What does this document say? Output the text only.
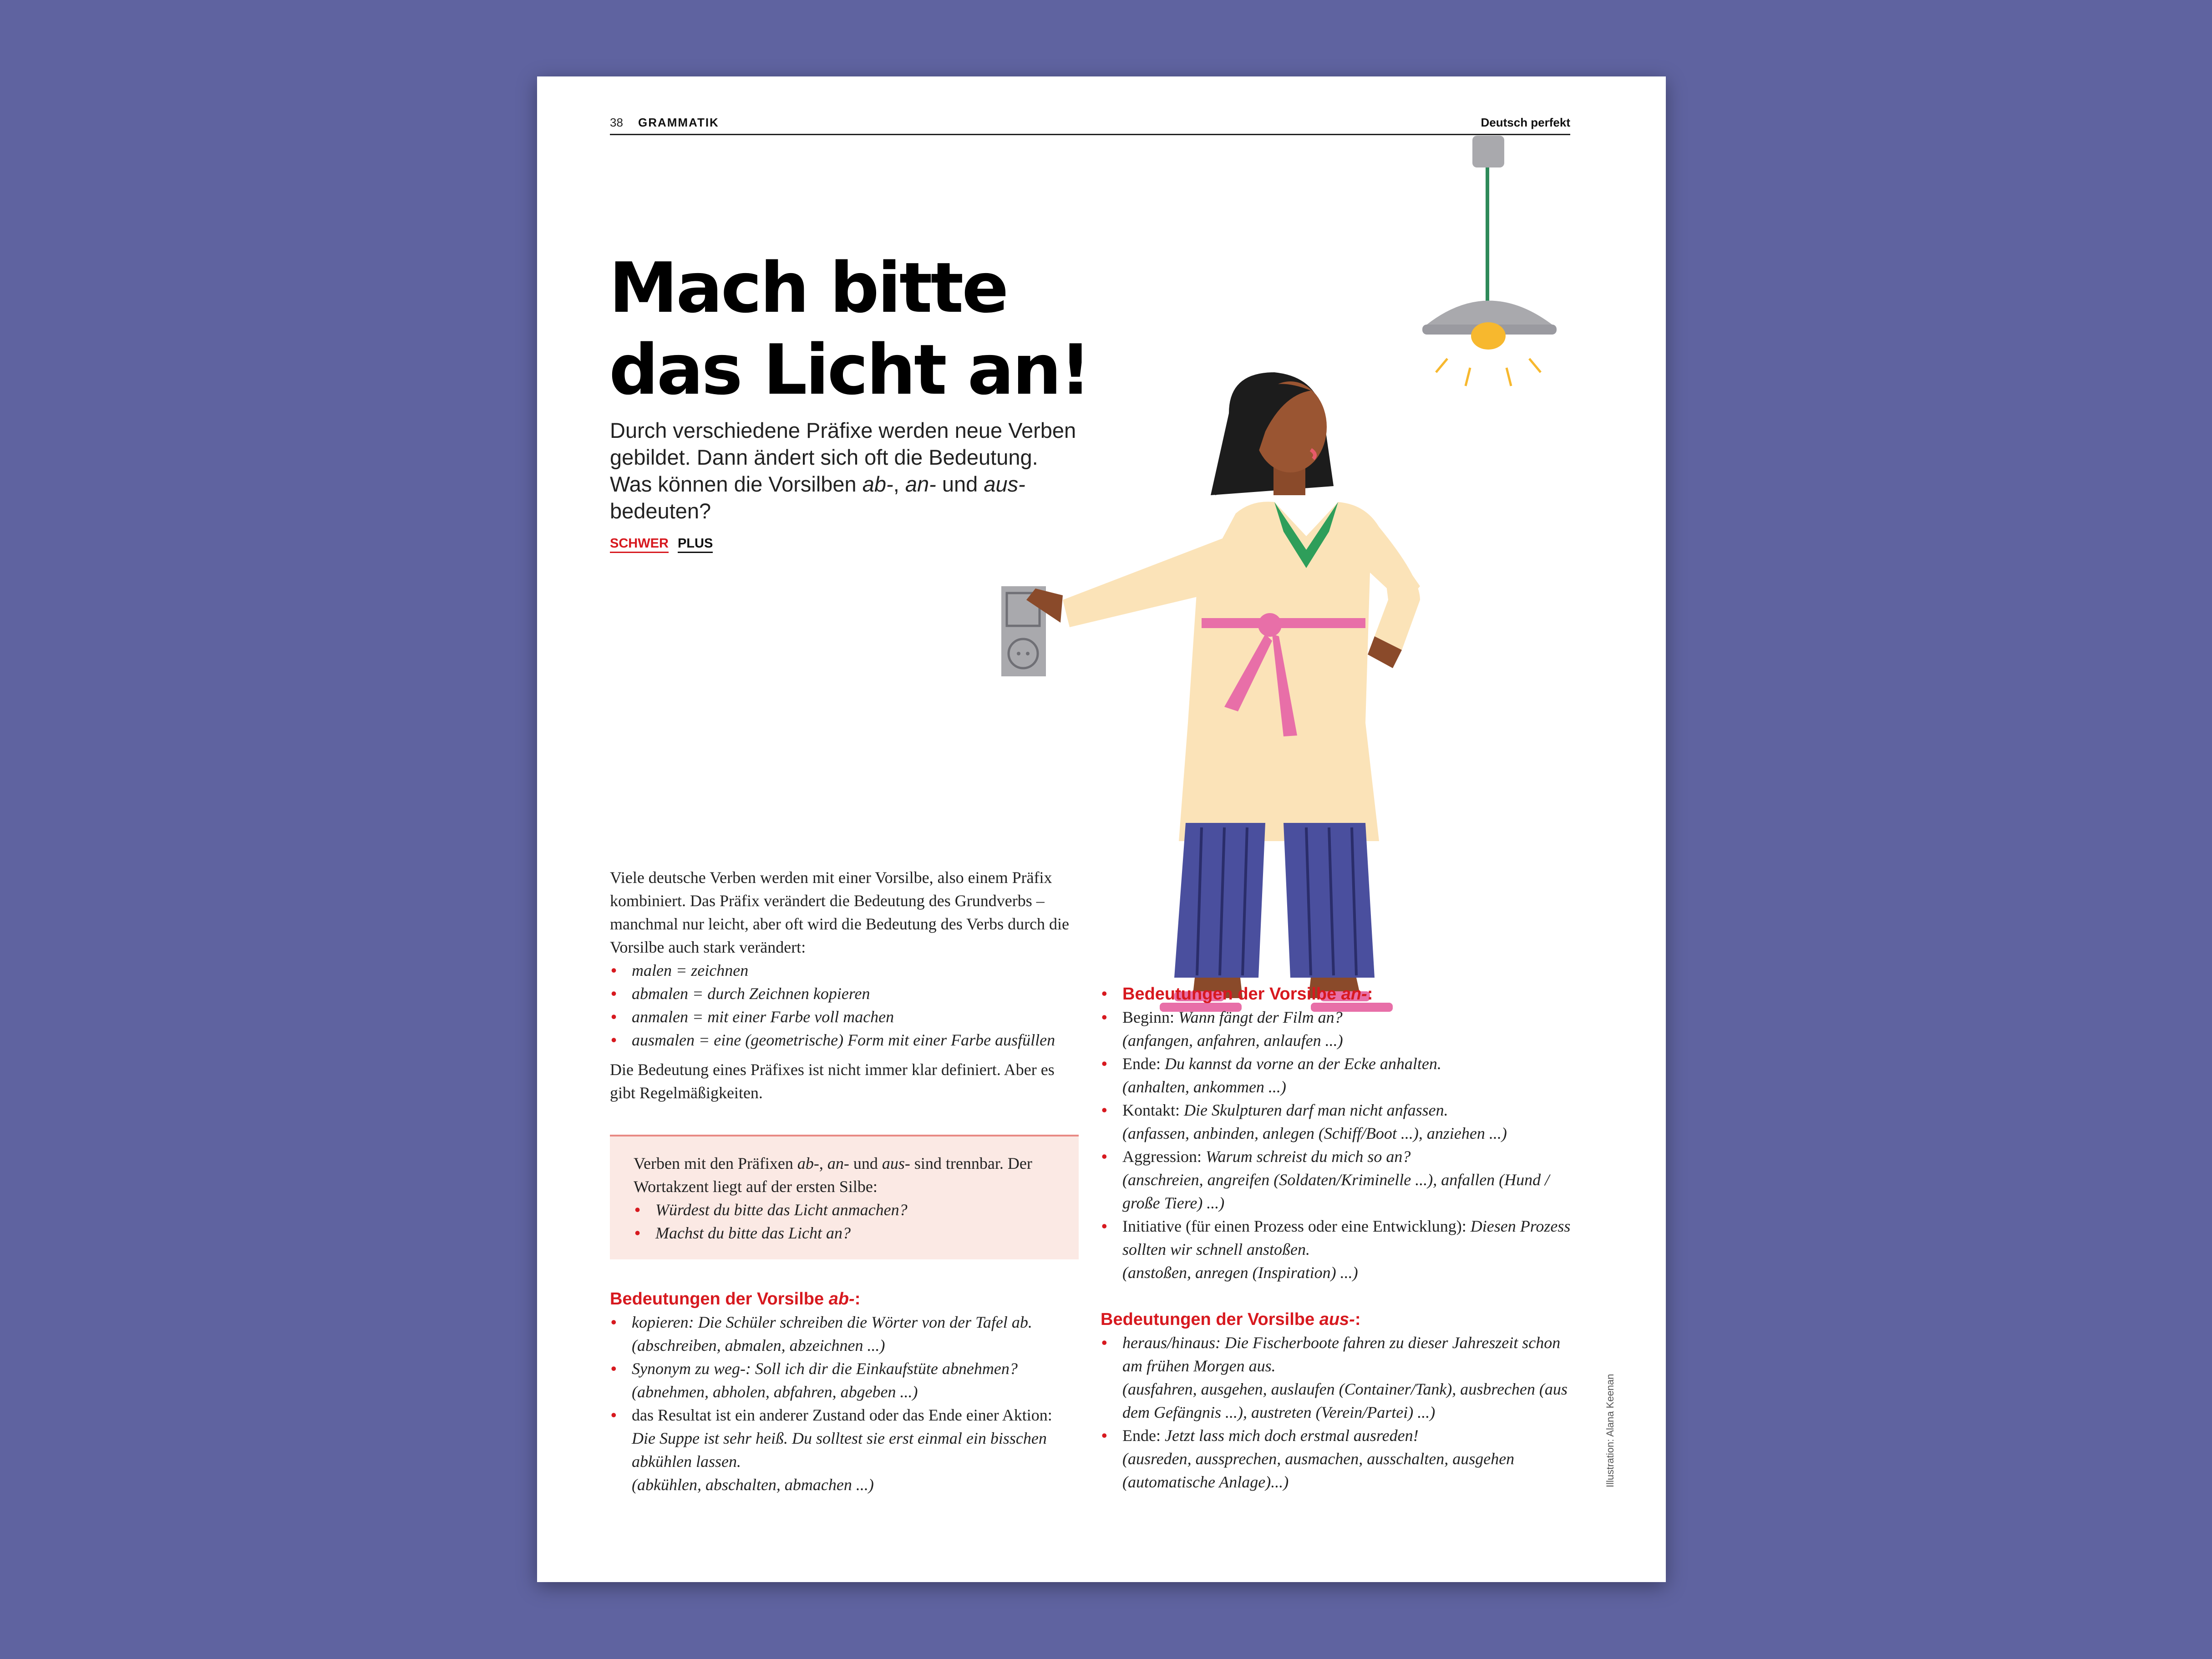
38 GRAMMATIK	Deutsch perfekt
Mach bitte
das Licht an!
Durch verschiedene Präfixe werden neue Verben gebildet. Dann ändert sich oft die Bedeutung. Was können die Vorsilben ab-, an- und aus- bedeuten?
SCHWER PLUS

Viele deutsche Verben werden mit einer Vorsilbe, also einem Präfix kombiniert. Das Präfix verändert die Bedeutung des Grundverbs – manchmal nur leicht, aber oft wird die Bedeutung des Verbs durch die Vorsilbe auch stark verändert:

• malen = zeichnen
• abmalen = durch Zeichnen kopieren
• anmalen = mit einer Farbe voll machen
• ausmalen = eine (geometrische) Form mit einer Farbe ausfüllen

Die Bedeutung eines Präfixes ist nicht immer klar definiert. Aber es gibt Regelmäßigkeiten.

Verben mit den Präfixen ab-, an- und aus- sind trennbar. Der Wortakzent liegt auf der ersten Silbe:

• Würdest du bitte das Licht anmachen?
• Machst du bitte das Licht an?

Bedeutungen der Vorsilbe ab-:

• kopieren: Die Schüler schreiben die Wörter von der Tafel ab.
(abschreiben, abmalen, abzeichnen ...)
• Synonym zu weg-: Soll ich dir die Einkaufstüte abnehmen?
(abnehmen, abholen, abfahren, abgeben ...)
• das Resultat ist ein anderer Zustand oder das Ende einer Aktion: Die Suppe ist sehr heiß. Du solltest sie erst einmal ein bisschen abkühlen lassen.
(abkühlen, abschalten, abmachen ...)
• Bedeutungen der Vorsilbe an-:
• Beginn: Wann fängt der Film an?
(anfangen, anfahren, anlaufen ...)
• Ende: Du kannst da vorne an der Ecke anhalten.
(anhalten, ankommen ...)
• Kontakt: Die Skulpturen darf man nicht anfassen.
(anfassen, anbinden, anlegen (Schiff/Boot ...), anziehen ...)
• Aggression: Warum schreist du mich so an?
(anschreien, angreifen (Soldaten/Kriminelle ...), anfallen (Hund / große Tiere) ...)
• Initiative (für einen Prozess oder eine Entwicklung): Diesen Prozess sollten wir schnell anstoßen.
(anstoßen, anregen (Inspiration) ...)

Bedeutungen der Vorsilbe aus-:

• heraus/hinaus: Die Fischerboote fahren zu dieser Jahreszeit schon am frühen Morgen aus.
(ausfahren, ausgehen, auslaufen (Container/Tank), ausbrechen (aus dem Gefängnis ...), austreten (Verein/Partei) ...)
• Ende: Jetzt lass mich doch erstmal ausreden!
(ausreden, aussprechen, ausmachen, ausschalten, ausgehen (automatische Anlage)...)	Illustration: Alana Keenan
